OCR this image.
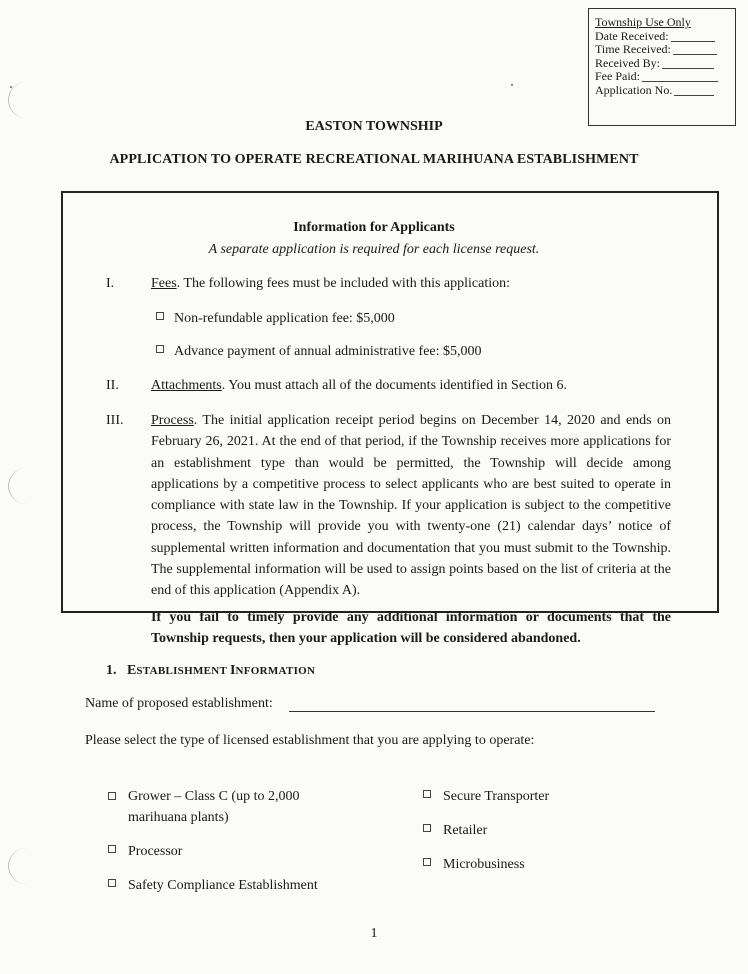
Township Use Only
Date Received:
Time Received:
Received By:
Fee Paid:
Application No.
EASTON TOWNSHIP
APPLICATION TO OPERATE RECREATIONAL MARIHUANA ESTABLISHMENT
Information for Applicants
A separate application is required for each license request.
I.	Fees. The following fees must be included with this application:
Non-refundable application fee: $5,000
Advance payment of annual administrative fee: $5,000
II. Attachments. You must attach all of the documents identified in Section 6.
III. Process. The initial application receipt period begins on December 14, 2020 and ends on February 26, 2021. At the end of that period, if the Township receives more applications for an establishment type than would be permitted, the Township will decide among applications by a competitive process to select applicants who are best suited to operate in compliance with state law in the Township. If your application is subject to the competitive process, the Township will provide you with twenty-one (21) calendar days’ notice of supplemental written information and documentation that you must submit to the Township. The supplemental information will be used to assign points based on the list of criteria at the end of this application (Appendix A).
If you fail to timely provide any additional information or documents that the Township requests, then your application will be considered abandoned.
1. ESTABLISHMENT INFORMATION
Name of proposed establishment:
Please select the type of licensed establishment that you are applying to operate:
Grower – Class C (up to 2,000 marihuana plants)
Processor
Safety Compliance Establishment
Secure Transporter
Retailer
Microbusiness
1
